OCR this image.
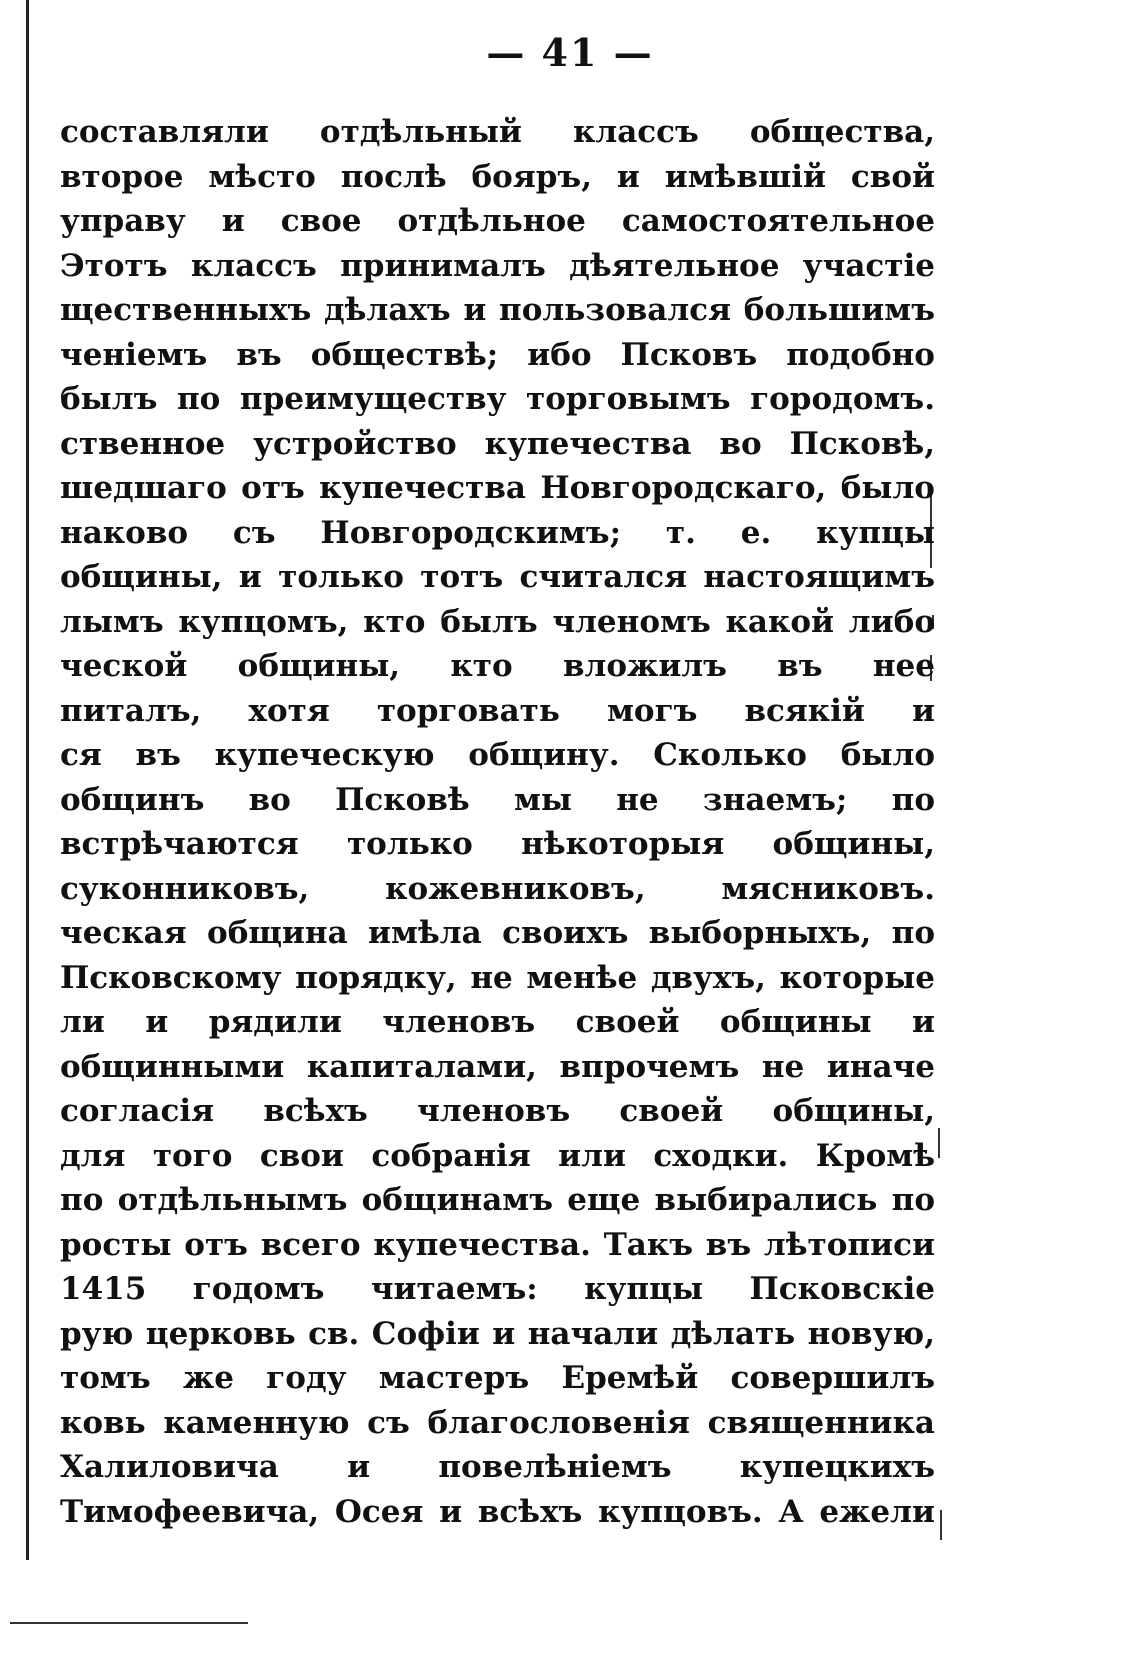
— 41 —
составляли отдѣльный классъ общества,
второе мѣсто послѣ бояръ, и имѣвшій свой
управу и свое отдѣльное самостоятельное
Этотъ классъ принималъ дѣятельное участіе
щественныхъ дѣлахъ и пользовался большимъ
ченіемъ въ обществѣ; ибо Псковъ подобно
былъ по преимуществу торговымъ городомъ.
ственное устройство купечества во Псковѣ,
шедшаго отъ купечества Новгородскаго, было
наково съ Новгородскимъ; т. е. купцы
общины, и только тотъ считался настоящимъ
лымъ купцомъ, кто былъ членомъ какой либо
ческой общины, кто вложилъ въ нее
питалъ, хотя торговать могъ всякій и
ся въ купеческую общину. Сколько было
общинъ во Псковѣ мы не знаемъ; по
встрѣчаются только нѣкоторыя общины,
суконниковъ, кожевниковъ, мясниковъ.
ческая община имѣла своихъ выборныхъ, по
Псковскому порядку, не менѣе двухъ, которые
ли и рядили членовъ своей общины и
общинными капиталами, впрочемъ не иначе
согласія всѣхъ членовъ своей общины,
для того свои собранія или сходки. Кромѣ
по отдѣльнымъ общинамъ еще выбирались по
росты отъ всего купечества. Такъ въ лѣтописи
1415 годомъ читаемъ: купцы Псковскіе
рую церковь св. Софіи и начали дѣлать новую,
томъ же году мастеръ Еремѣй совершилъ
ковь каменную съ благословенія священника
Халиловича и повелѣніемъ купецкихъ
Тимофеевича, Осея и всѣхъ купцовъ. А ежели
